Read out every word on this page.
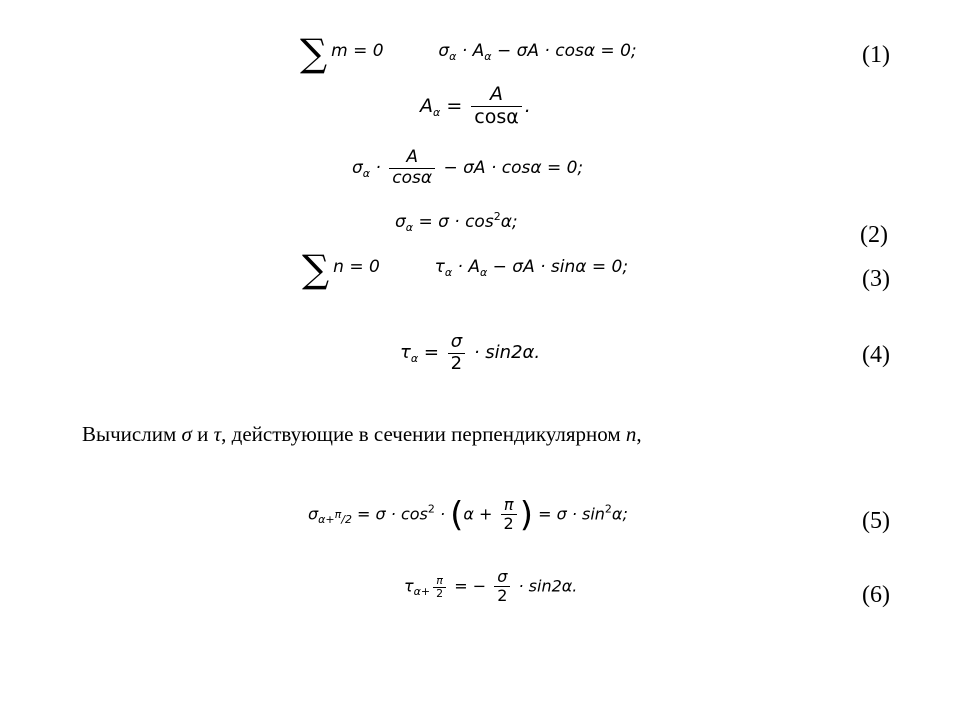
∑ m = 0	$\sigma_\alpha \cdot A_\alpha - \sigma A \cdot \cos\alpha = 0$;	(1)
$A_\alpha = \frac{A}{\cos\alpha}$ .
$\sigma_\alpha \cdot \frac{A}{\cos\alpha} - \sigma A \cdot \cos\alpha = 0$;
$\sigma_\alpha = \sigma \cdot \cos^2\alpha$;	(2)
∑ n = 0	$\tau_\alpha \cdot A_\alpha - \sigma A \cdot \sin\alpha = 0$;	(3)
$\tau_\alpha = \frac{\sigma}{2} \cdot \sin 2\alpha$.	(4)
Вычислим σ и τ, действующие в сечении перпендикулярном n,
$\sigma_{\alpha+\pi/2} = \sigma \cdot \cos^2 \cdot (\alpha + \frac{\pi}{2}$ ) = $\sigma \cdot \sin^2\alpha$;	(5)
$\tau_{\alpha+ \frac{\pi}{2}}$ = − $\frac{\sigma}{2} \cdot \sin 2\alpha$.	(6)
